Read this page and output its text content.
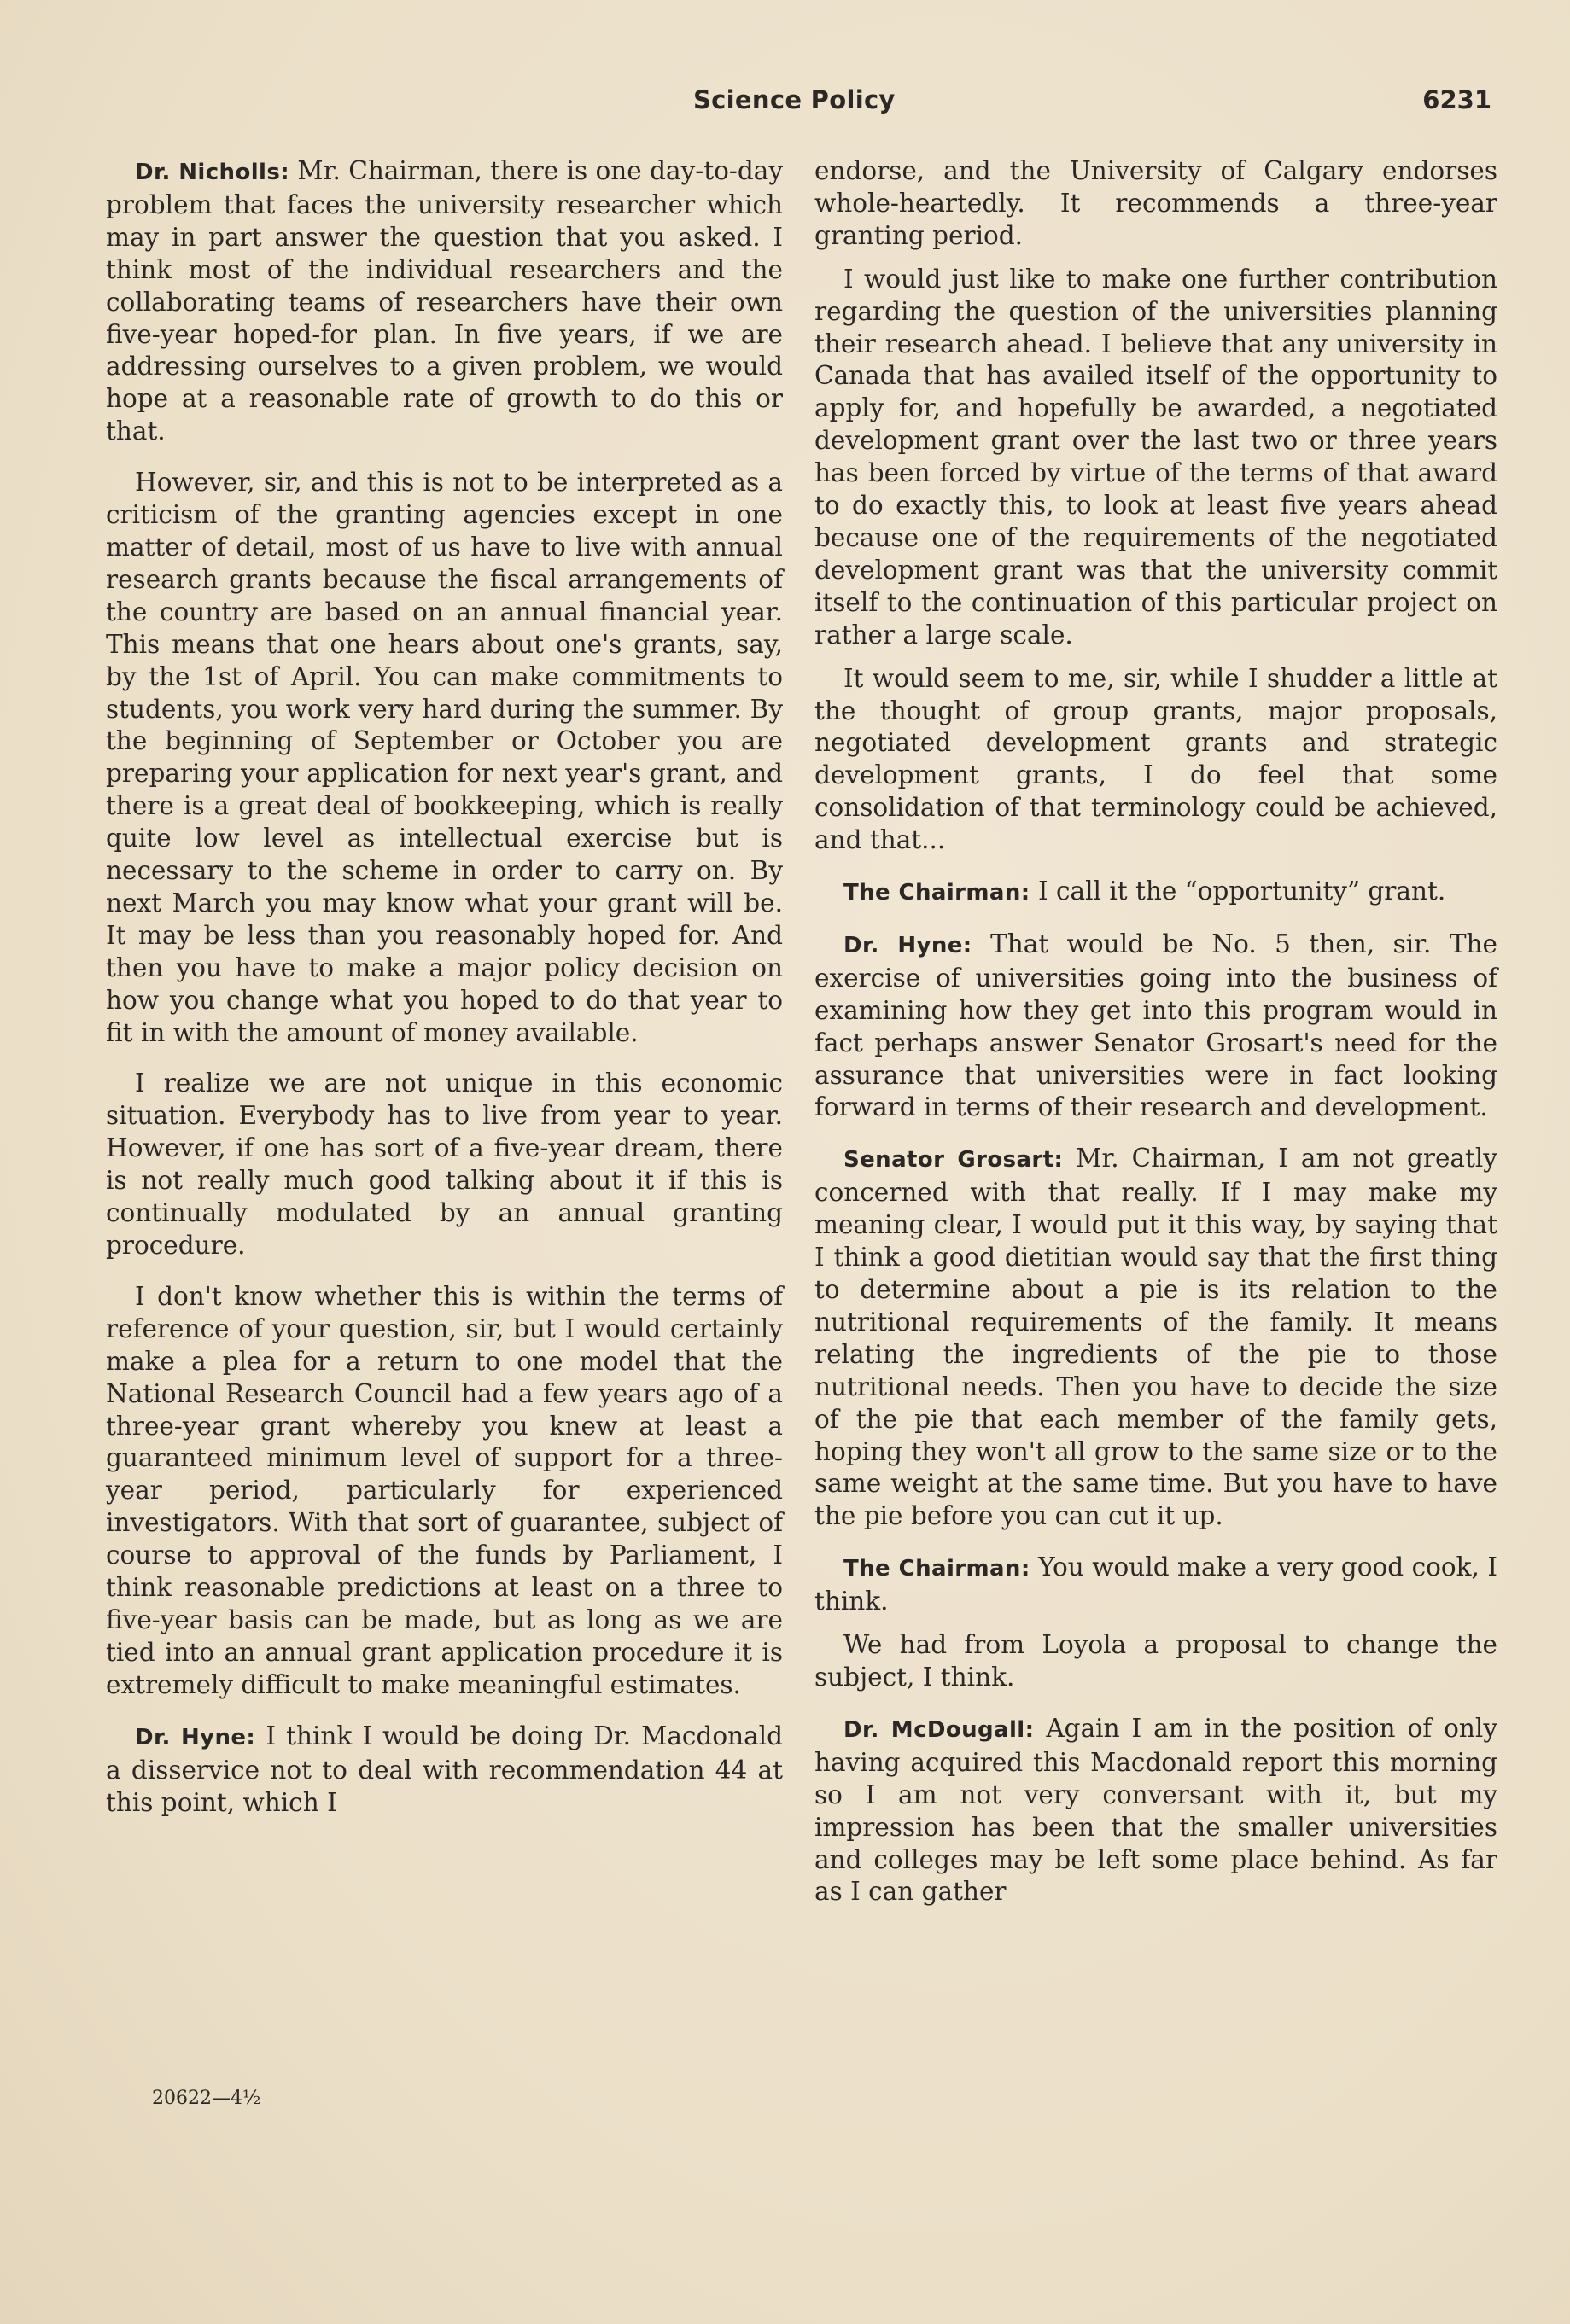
Science Policy	6231

Dr. Nicholls: Mr. Chairman, there is one day-to-day problem that faces the university researcher which may in part answer the question that you asked. I think most of the individual researchers and the collaborating teams of researchers have their own five-year hoped-for plan. In five years, if we are addressing ourselves to a given problem, we would hope at a reasonable rate of growth to do this or that.

However, sir, and this is not to be interpreted as a criticism of the granting agencies except in one matter of detail, most of us have to live with annual research grants because the fiscal arrangements of the country are based on an annual financial year. This means that one hears about one's grants, say, by the 1st of April. You can make commitments to students, you work very hard during the summer. By the beginning of September or October you are preparing your application for next year's grant, and there is a great deal of bookkeeping, which is really quite low level as intellectual exercise but is necessary to the scheme in order to carry on. By next March you may know what your grant will be. It may be less than you reasonably hoped for. And then you have to make a major policy decision on how you change what you hoped to do that year to fit in with the amount of money available.

I realize we are not unique in this economic situation. Everybody has to live from year to year. However, if one has sort of a five-year dream, there is not really much good talking about it if this is continually modulated by an annual granting procedure.

I don't know whether this is within the terms of reference of your question, sir, but I would certainly make a plea for a return to one model that the National Research Council had a few years ago of a three-year grant whereby you knew at least a guaranteed minimum level of support for a three-year period, particularly for experienced investigators. With that sort of guarantee, subject of course to approval of the funds by Parliament, I think reasonable predictions at least on a three to five-year basis can be made, but as long as we are tied into an annual grant application procedure it is extremely difficult to make meaningful estimates.

Dr. Hyne: I think I would be doing Dr. Macdonald a disservice not to deal with recommendation 44 at this point, which I

20622—4½

endorse, and the University of Calgary endorses whole-heartedly. It recommends a three-year granting period.

I would just like to make one further contribution regarding the question of the universities planning their research ahead. I believe that any university in Canada that has availed itself of the opportunity to apply for, and hopefully be awarded, a negotiated development grant over the last two or three years has been forced by virtue of the terms of that award to do exactly this, to look at least five years ahead because one of the requirements of the negotiated development grant was that the university commit itself to the continuation of this particular project on rather a large scale.

It would seem to me, sir, while I shudder a little at the thought of group grants, major proposals, negotiated development grants and strategic development grants, I do feel that some consolidation of that terminology could be achieved, and that...

The Chairman: I call it the “opportunity” grant.

Dr. Hyne: That would be No. 5 then, sir. The exercise of universities going into the business of examining how they get into this program would in fact perhaps answer Senator Grosart's need for the assurance that universities were in fact looking forward in terms of their research and development.

Senator Grosart: Mr. Chairman, I am not greatly concerned with that really. If I may make my meaning clear, I would put it this way, by saying that I think a good dietitian would say that the first thing to determine about a pie is its relation to the nutritional requirements of the family. It means relating the ingredients of the pie to those nutritional needs. Then you have to decide the size of the pie that each member of the family gets, hoping they won't all grow to the same size or to the same weight at the same time. But you have to have the pie before you can cut it up.

The Chairman: You would make a very good cook, I think.

We had from Loyola a proposal to change the subject, I think.

Dr. McDougall: Again I am in the position of only having acquired this Macdonald report this morning so I am not very conversant with it, but my impression has been that the smaller universities and colleges may be left some place behind. As far as I can gather
